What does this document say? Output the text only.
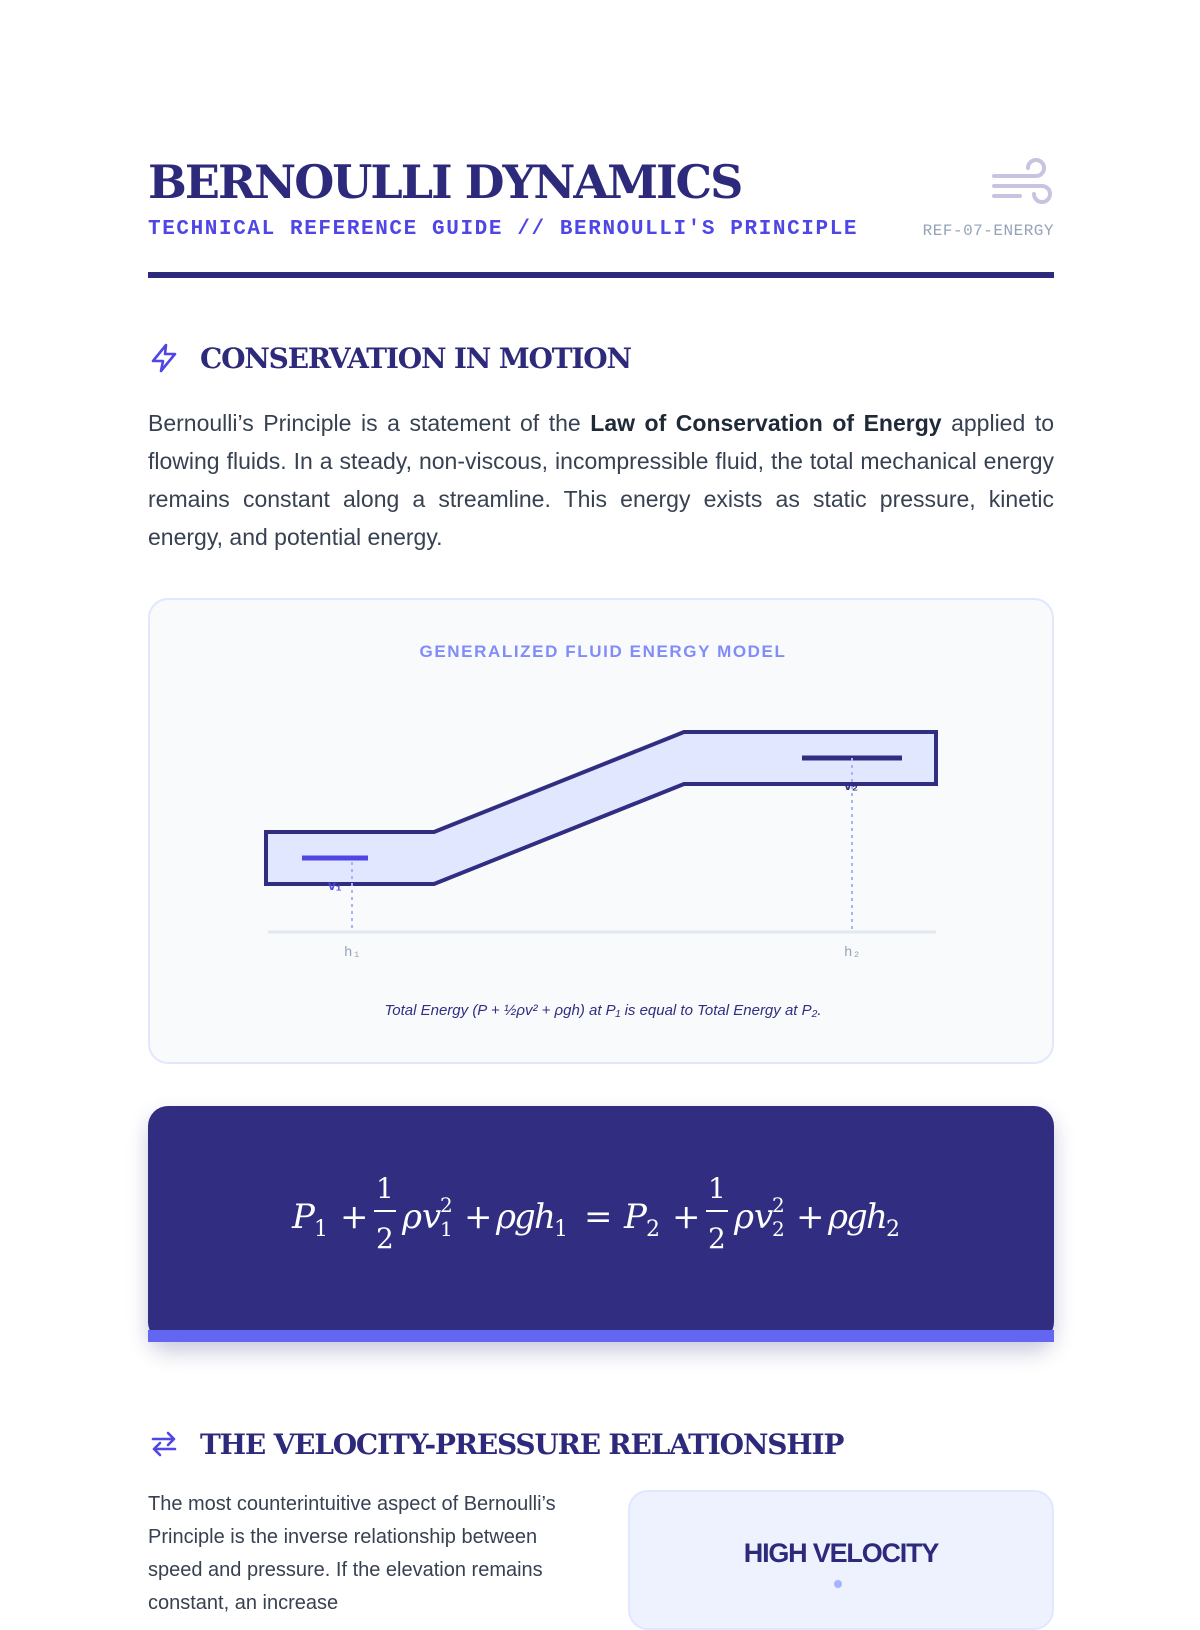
BERNOULLI DYNAMICS
TECHNICAL REFERENCE GUIDE // BERNOULLI'S PRINCIPLE	REF-07-ENERGY
CONSERVATION IN MOTION

Bernoulli’s Principle is a statement of the Law of Conservation of Energy applied to flowing fluids. In a steady, non-viscous, incompressible fluid, the total mechanical energy remains constant along a streamline. This energy exists as static pressure, kinetic energy, and potential energy.

GENERALIZED FLUID ENERGY MODEL
v₁
v₂
h₁	h₂
Total Energy (P + ½ρv² + ρgh) at P₁ is equal to Total Energy at P₂.
P 1 +
1
2
ρ v
2
1 + ρ
g
h
1 = P 2 +
1
2
ρ v
2
2 + ρ
g
h
2
THE VELOCITY-PRESSURE RELATIONSHIP

The most counterintuitive aspect of Bernoulli’s Principle is the inverse relationship between speed and pressure. If the elevation remains constant, an increase

HIGH VELOCITY
